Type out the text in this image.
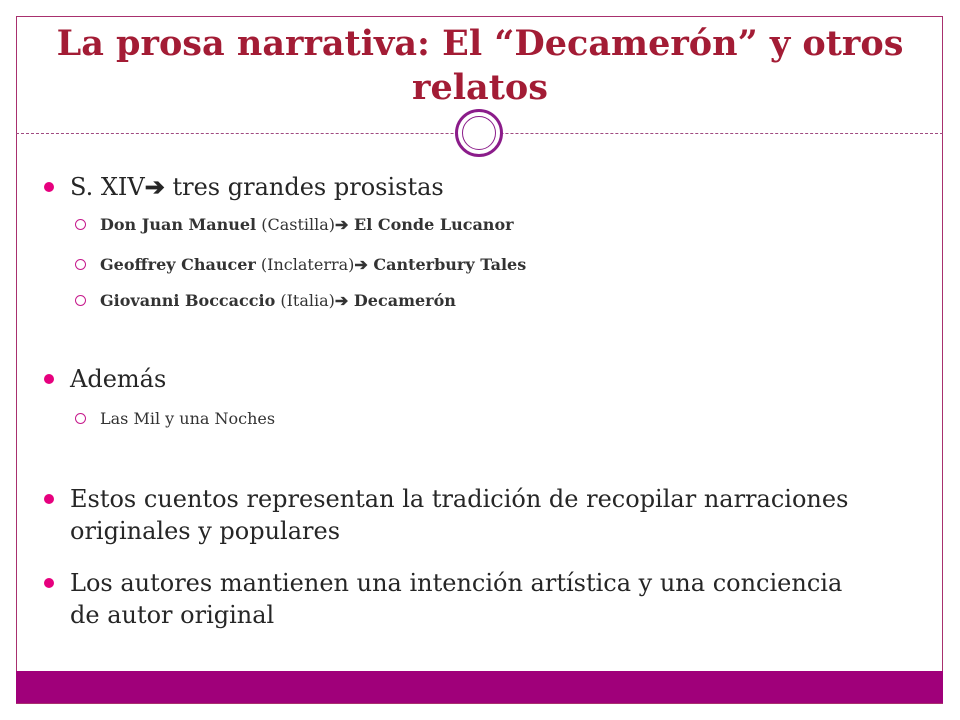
La prosa narrativa: El “Decamerón” y otros relatos
S. XIV➔ tres grandes prosistas
Don Juan Manuel (Castilla)➔ El Conde Lucanor
Geoffrey Chaucer (Inclaterra)➔ Canterbury Tales
Giovanni Boccaccio (Italia)➔ Decamerón
Además
Las Mil y una Noches
Estos cuentos representan la tradición de recopilar narraciones originales y populares
Los autores mantienen una intención artística y una conciencia de autor original
